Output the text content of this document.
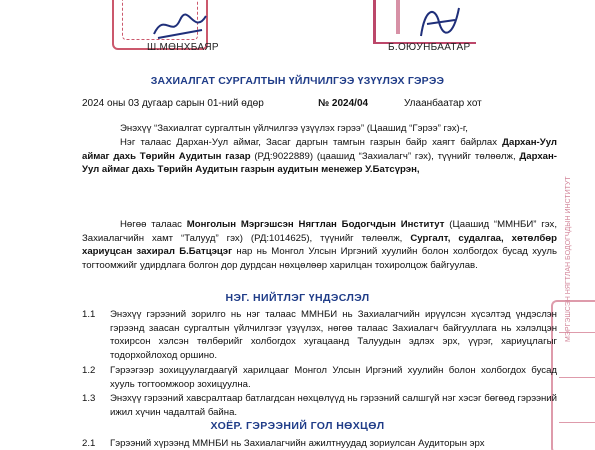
Ш.МӨНХБАЯР	Б.ОЮУНБААТАР
МЭРГЭШСЭН НЯГТЛАН БОДОГЧДЫН ИНСТИТУТ
ЗАХИАЛГАТ СУРГАЛТЫН ҮЙЛЧИЛГЭЭ ҮЗҮҮЛЭХ ГЭРЭЭ
2024 оны 03 дугаар сарын 01-ний өдөр	№ 2024/04	Улаанбаатар хот
Энэхүү “Захиалгат сургалтын үйлчилгээ үзүүлэх гэрээ” (Цаашид “Гэрээ” гэх)-г,
Нэг талаас Дархан-Уул аймаг, Засаг даргын тамгын газрын байр хаягт байрлах Дархан-Уул аймаг дахь Төрийн Аудитын газар (РД:9022889) (цаашид “Захиалагч” гэх), түүнийг төлөөлж, Дархан-Уул аймаг дахь Төрийн Аудитын газрын аудитын менежер У.Батсүрэн,
Нөгөө талаас Монголын Мэргэшсэн Нягтлан Бодогчдын Институт (Цаашид “ММНБИ” гэх, Захиалагчийн хамт “Талууд” гэх) (РД:1014625), түүнийг төлөөлж, Сургалт, судалгаа, хөтөлбөр хариуцсан захирал Б.Батцэцэг нар нь Монгол Улсын Иргэний хуулийн болон холбогдох бусад хууль тогтоомжийг удирдлага болгон дор дурдсан нөхцөлөөр харилцан тохиролцож байгуулав.
НЭГ. НИЙТЛЭГ ҮНДЭСЛЭЛ
1.1	Энэхүү гэрээний зорилго нь нэг талаас ММНБИ нь Захиалагчийн ирүүлсэн хүсэлтэд үндэслэн гэрээнд заасан сургалтын үйлчилгээг үзүүлэх, нөгөө талаас Захиалагч байгууллага нь хэлэлцэн тохирсон хэлсэн төлбөрийг холбогдох хугацаанд Талуудын эдлэх эрх, үүрэг, хариуцлагыг тодорхойлоход оршино.
1.2	Гэрээгээр зохицуулагдаагүй харилцааг Монгол Улсын Иргэний хуулийн болон холбогдох бусад хууль тогтоомжоор зохицуулна.
1.3	Энэхүү гэрээний хавсралтаар батлагдсан нөхцөлүүд нь гэрээний салшгүй нэг хэсэг бөгөөд гэрээний ижил хүчин чадалтай байна.
ХОЁР. ГЭРЭЭНИЙ ГОЛ НӨХЦӨЛ
2.1	Гэрээний хүрээнд ММНБИ нь Захиалагчийн ажилтнуудад зориулсан Аудиторын эрх
